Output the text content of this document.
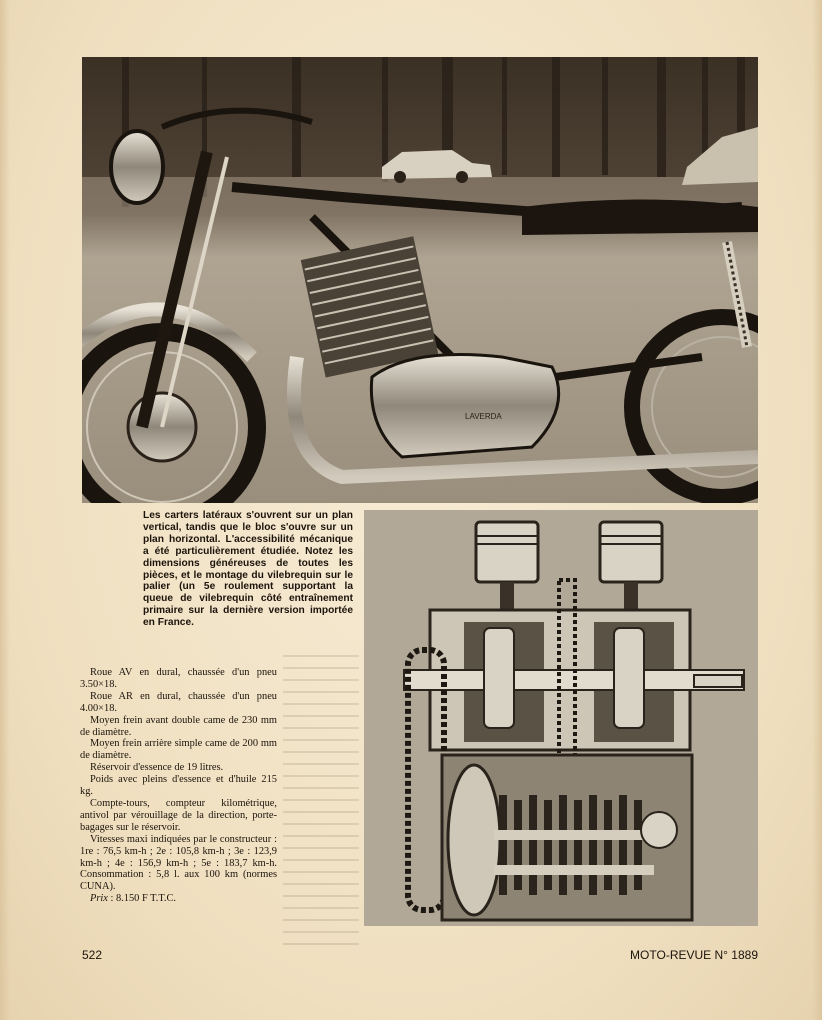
LAVERDA
Les carters latéraux s'ouvrent sur un plan vertical, tandis que le bloc s'ouvre sur un plan horizontal. L'accessibilité mécanique a été particulièrement étudiée. Notez les dimensions généreuses de toutes les pièces, et le montage du vilebrequin sur le palier (un 5e roulement supportant la queue de vilebrequin côté entraînement primaire sur la dernière version importée en France.

Roue AV en dural, chaussée d'un pneu 3.50×18.

Roue AR en dural, chaussée d'un pneu 4.00×18.

Moyen frein avant double came de 230 mm de diamètre.

Moyen frein arrière simple came de 200 mm de diamètre.

Réservoir d'essence de 19 litres.

Poids avec pleins d'essence et d'huile 215 kg.

Compte-tours, compteur kilométrique, antivol par vérouillage de la direction, porte-bagages sur le réservoir.

Vitesses maxi indiquées par le constructeur : 1re : 76,5 km-h ; 2e : 105,8 km-h ; 3e : 123,9 km-h ; 4e : 156,9 km-h ; 5e : 183,7 km-h. Consommation : 5,8 l. aux 100 km (normes CUNA).

Prix : 8.150 F T.T.C.

522	MOTO-REVUE N° 1889
